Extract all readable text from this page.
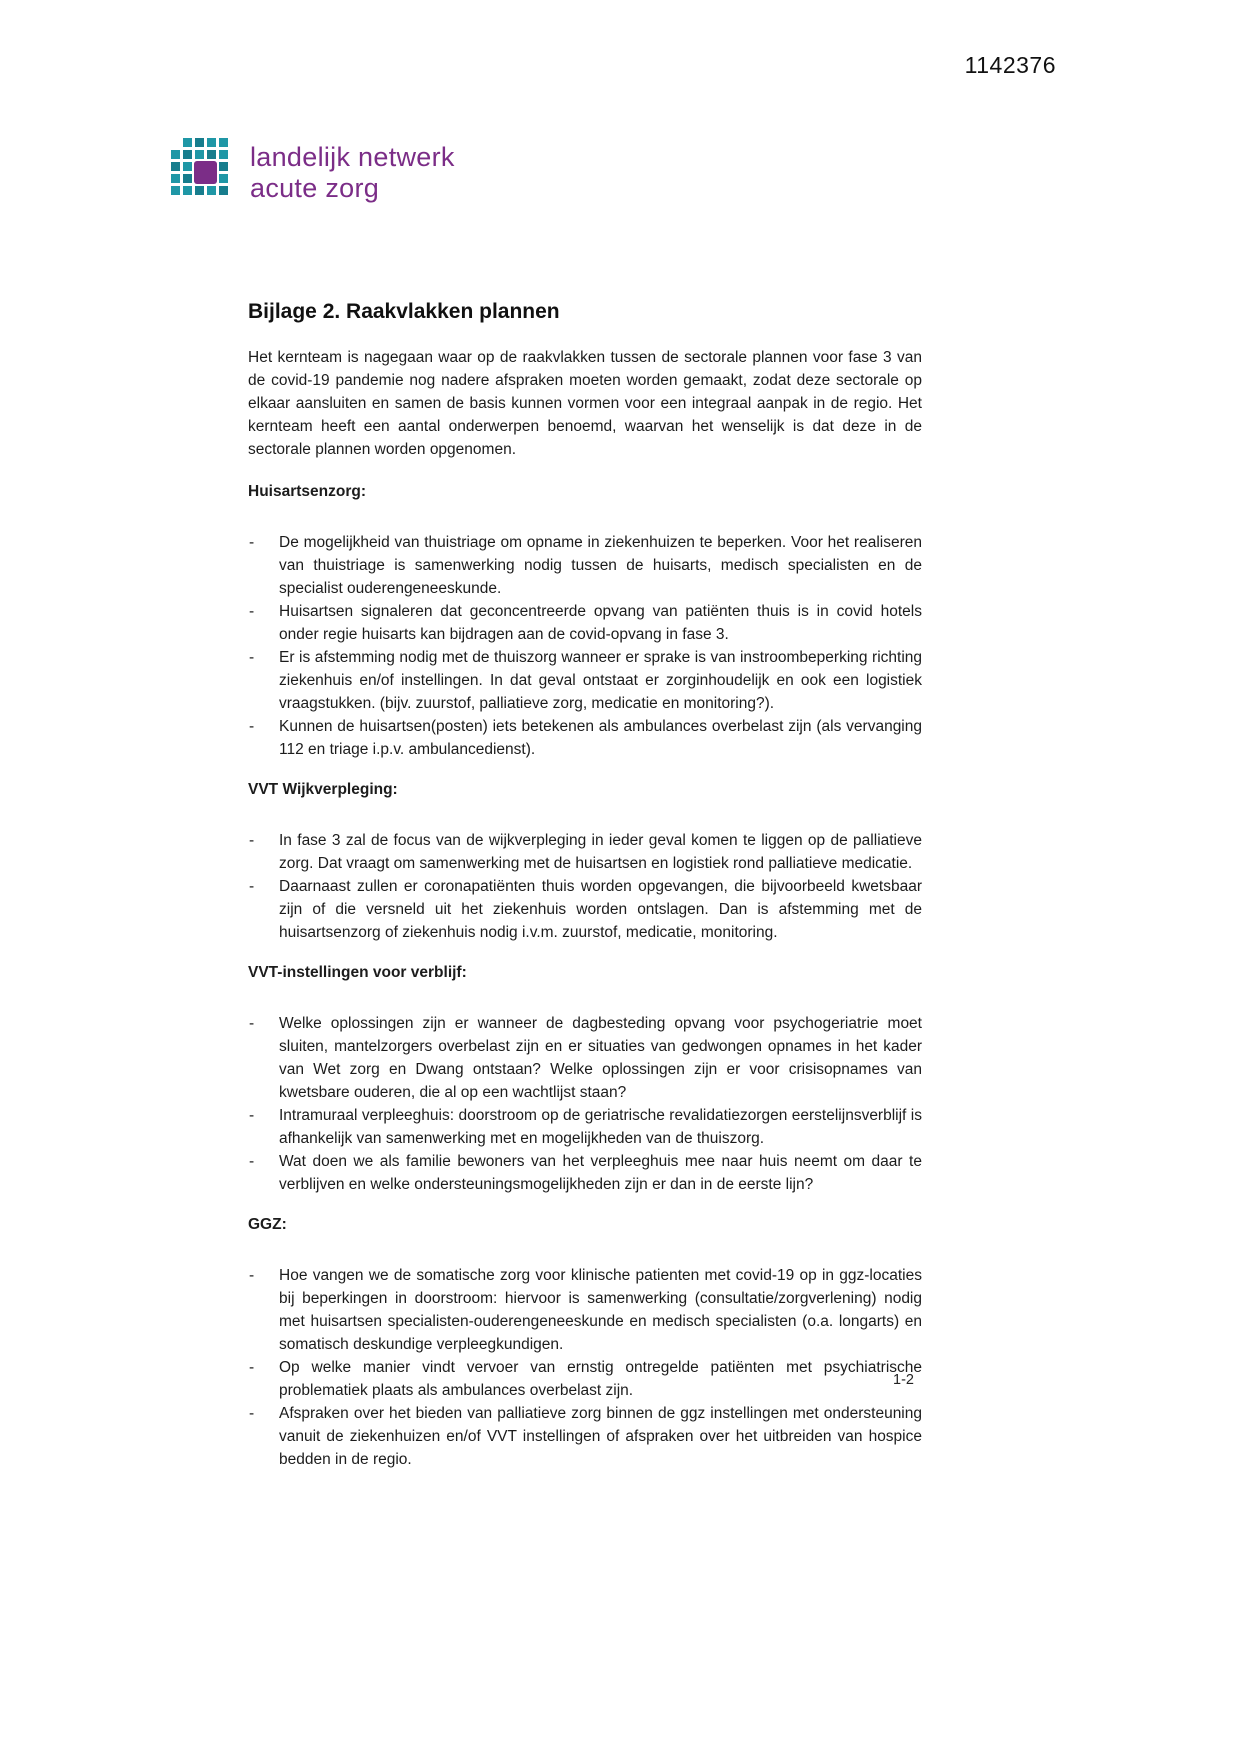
1142376
landelijk netwerk
acute zorg
Bijlage 2. Raakvlakken plannen

Het kernteam is nagegaan waar op de raakvlakken tussen de sectorale plannen voor fase 3 van de covid-19 pandemie nog nadere afspraken moeten worden gemaakt, zodat deze sectorale op elkaar aansluiten en samen de basis kunnen vormen voor een integraal aanpak in de regio. Het kernteam heeft een aantal onderwerpen benoemd, waarvan het wenselijk is dat deze in de sectorale plannen worden opgenomen.

Huisartsenzorg:
- De mogelijkheid van thuistriage om opname in ziekenhuizen te beperken. Voor het realiseren van thuistriage is samenwerking nodig tussen de huisarts, medisch specialisten en de specialist ouderengeneeskunde.
- Huisartsen signaleren dat geconcentreerde opvang van patiënten thuis is in covid hotels onder regie huisarts kan bijdragen aan de covid-opvang in fase 3.
- Er is afstemming nodig met de thuiszorg wanneer er sprake is van instroombeperking richting ziekenhuis en/of instellingen. In dat geval ontstaat er zorginhoudelijk en ook een logistiek vraagstukken. (bijv. zuurstof, palliatieve zorg, medicatie en monitoring?).
- Kunnen de huisartsen(posten) iets betekenen als ambulances overbelast zijn (als vervanging 112 en triage i.p.v. ambulancedienst).
VVT Wijkverpleging:
- In fase 3 zal de focus van de wijkverpleging in ieder geval komen te liggen op de palliatieve zorg. Dat vraagt om samenwerking met de huisartsen en logistiek rond palliatieve medicatie.
- Daarnaast zullen er coronapatiënten thuis worden opgevangen, die bijvoorbeeld kwetsbaar zijn of die versneld uit het ziekenhuis worden ontslagen. Dan is afstemming met de huisartsenzorg of ziekenhuis nodig i.v.m. zuurstof, medicatie, monitoring.
VVT-instellingen voor verblijf:
- Welke oplossingen zijn er wanneer de dagbesteding opvang voor psychogeriatrie moet sluiten, mantelzorgers overbelast zijn en er situaties van gedwongen opnames in het kader van Wet zorg en Dwang ontstaan? Welke oplossingen zijn er voor crisisopnames van kwetsbare ouderen, die al op een wachtlijst staan?
- Intramuraal verpleeghuis: doorstroom op de geriatrische revalidatiezorgen eerstelijnsverblijf is afhankelijk van samenwerking met en mogelijkheden van de thuiszorg.
- Wat doen we als familie bewoners van het verpleeghuis mee naar huis neemt om daar te verblijven en welke ondersteuningsmogelijkheden zijn er dan in de eerste lijn?
GGZ:
- Hoe vangen we de somatische zorg voor klinische patienten met covid-19 op in ggz-locaties bij beperkingen in doorstroom: hiervoor is samenwerking (consultatie/zorgverlening) nodig met huisartsen specialisten-ouderengeneeskunde en medisch specialisten (o.a. longarts) en somatisch deskundige verpleegkundigen.
- Op welke manier vindt vervoer van ernstig ontregelde patiënten met psychiatrische problematiek plaats als ambulances overbelast zijn.
- Afspraken over het bieden van palliatieve zorg binnen de ggz instellingen met ondersteuning vanuit de ziekenhuizen en/of VVT instellingen of afspraken over het uitbreiden van hospice bedden in de regio.
1-2
